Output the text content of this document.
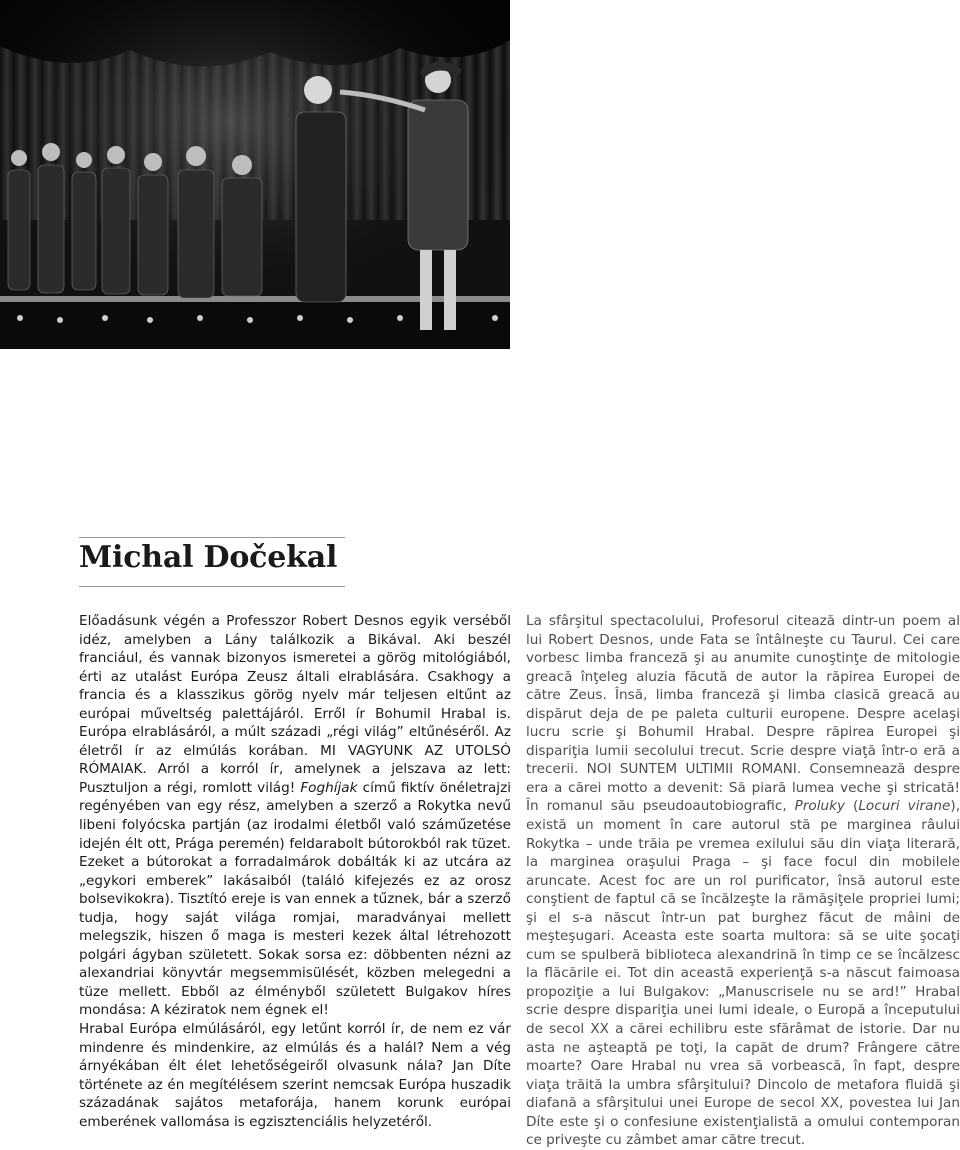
Michal Dočekal

Előadásunk végén a Professzor Robert Desnos egyik verséből idéz, amelyben a Lány találkozik a Bikával. Aki beszél franciául, és vannak bizonyos ismeretei a görög mitológiából, érti az utalást Európa Zeusz általi elrablására. Csakhogy a francia és a klasszikus görög nyelv már teljesen eltűnt az európai műveltség palettájáról. Erről ír Bohumil Hrabal is. Európa elrablásáról, a múlt századi „régi világ” eltűnéséről. Az életről ír az elmúlás korában. MI VAGYUNK AZ UTOLSÓ RÓMAIAK. Arról a korról ír, amelynek a jelszava az lett: Pusztuljon a régi, romlott világ! Foghíjak című fiktív önéletrajzi regényében van egy rész, amelyben a szerző a Rokytka nevű libeni folyócska partján (az irodalmi életből való száműzetése idején élt ott, Prága peremén) feldarabolt bútorokból rak tüzet. Ezeket a bútorokat a forradalmárok dobálták ki az utcára az „egykori emberek” lakásaiból (találó kifejezés ez az orosz bolsevikokra). Tisztító ereje is van ennek a tűznek, bár a szerző tudja, hogy saját világa romjai, maradványai mellett melegszik, hiszen ő maga is mesteri kezek által létrehozott polgári ágyban született. Sokak sorsa ez: döbbenten nézni az alexandriai könyvtár megsemmisülését, közben melegedni a tüze mellett. Ebből az élményből született Bulgakov híres mondása: A kéziratok nem égnek el!

Hrabal Európa elmúlásáról, egy letűnt korról ír, de nem ez vár mindenre és mindenkire, az elmúlás és a halál? Nem a vég árnyékában élt élet lehetőségeiről olvasunk nála? Jan Díte története az én megítélésem szerint nemcsak Európa huszadik századának sajátos metaforája, hanem korunk európai emberének vallomása is egzisztenciális helyzetéről.

La sfârşitul spectacolului, Profesorul citează dintr-un poem al lui Robert Desnos, unde Fata se întâlneşte cu Taurul. Cei care vorbesc limba franceză şi au anumite cunoştinţe de mitologie greacă înţeleg aluzia făcută de autor la răpirea Europei de către Zeus. Însă, limba franceză şi limba clasică greacă au dispărut deja de pe paleta culturii europene. Despre acelaşi lucru scrie şi Bohumil Hrabal. Despre răpirea Europei şi dispariţia lumii secolului trecut. Scrie despre viaţă într-o eră a trecerii. NOI SUNTEM ULTIMII ROMANI. Consemnează despre era a cărei motto a devenit: Să piară lumea veche şi stricată! În romanul său pseudoautobiografic, Proluky (Locuri virane), există un moment în care autorul stă pe marginea râului Rokytka – unde trăia pe vremea exilului său din viaţa literară, la marginea oraşului Praga – şi face focul din mobilele aruncate. Acest foc are un rol purificator, însă autorul este conştient de faptul că se încălzeşte la rămăşiţele propriei lumi; şi el s-a născut într-un pat burghez făcut de mâini de meşteşugari. Aceasta este soarta multora: să se uite şocaţi cum se spulberă biblioteca alexandrină în timp ce se încălzesc la flăcările ei. Tot din această experienţă s-a născut faimoasa propoziţie a lui Bulgakov: „Manuscrisele nu se ard!” Hrabal scrie despre dispariţia unei lumi ideale, o Europă a începutului de secol XX a cărei echilibru este sfărâmat de istorie. Dar nu asta ne aşteaptă pe toţi, la capăt de drum? Frângere către moarte? Oare Hrabal nu vrea să vorbească, în fapt, despre viaţa trăită la umbra sfârşitului? Dincolo de metafora fluidă şi diafană a sfârşitului unei Europe de secol XX, povestea lui Jan Díte este şi o confesiune existenţialistă a omului contemporan ce priveşte cu zâmbet amar către trecut.
